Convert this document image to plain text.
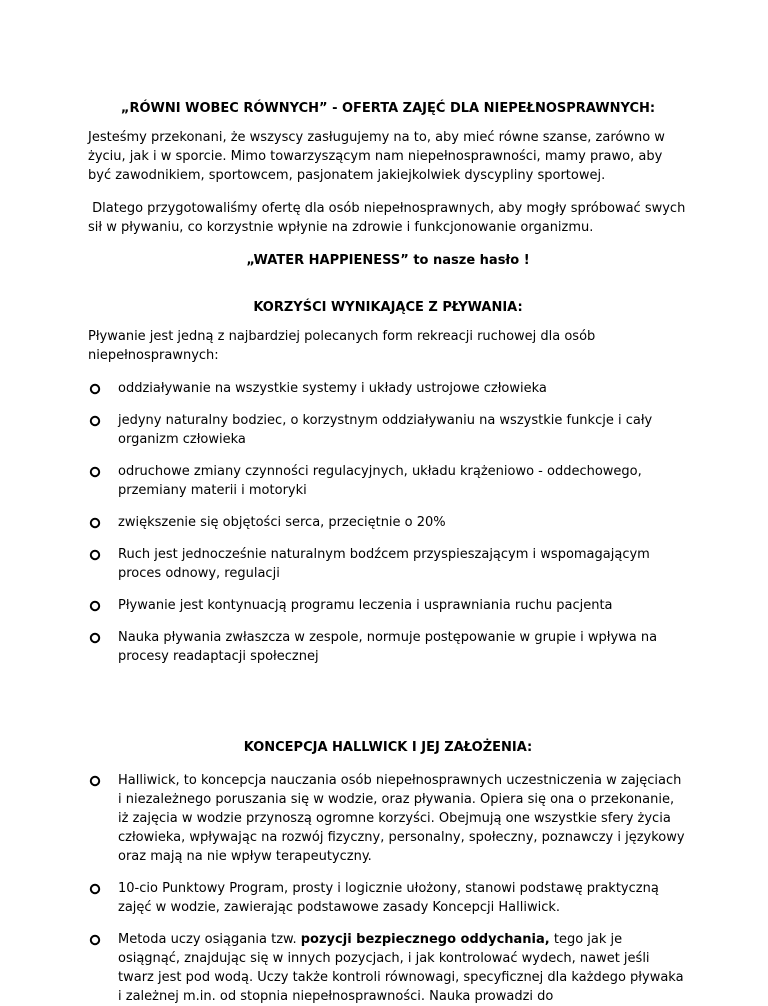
„RÓWNI WOBEC RÓWNYCH” - OFERTA ZAJĘĆ DLA NIEPEŁNOSPRAWNYCH:

Jesteśmy przekonani, że wszyscy zasługujemy na to, aby mieć równe szanse, zarówno w życiu, jak i w sporcie. Mimo towarzyszącym nam niepełnosprawności, mamy prawo, aby być zawodnikiem, sportowcem, pasjonatem jakiejkolwiek dyscypliny sportowej.

Dlatego przygotowaliśmy ofertę dla osób niepełnosprawnych, aby mogły spróbować swych sił w pływaniu, co korzystnie wpłynie na zdrowie i funkcjonowanie organizmu.

„WATER HAPPIENESS” to nasze hasło !

KORZYŚCI WYNIKAJĄCE Z PŁYWANIA:

Pływanie jest jedną z najbardziej polecanych form rekreacji ruchowej dla osób niepełnosprawnych:

oddziaływanie na wszystkie systemy i układy ustrojowe człowieka
jedyny naturalny bodziec, o korzystnym oddziaływaniu na wszystkie funkcje i cały organizm człowieka
odruchowe zmiany czynności regulacyjnych, układu krążeniowo - oddechowego, przemiany materii i motoryki
zwiększenie się objętości serca, przeciętnie o 20%
Ruch jest jednocześnie naturalnym bodźcem przyspieszającym i wspomagającym proces odnowy, regulacji
Pływanie jest kontynuacją programu leczenia i usprawniania ruchu pacjenta
Nauka pływania zwłaszcza w zespole, normuje postępowanie w grupie i wpływa na procesy readaptacji społecznej

KONCEPCJA HALLWICK I JEJ ZAŁOŻENIA:

Halliwick, to koncepcja nauczania osób niepełnosprawnych uczestniczenia w zajęciach i niezależnego poruszania się w wodzie, oraz pływania. Opiera się ona o przekonanie, iż zajęcia w wodzie przynoszą ogromne korzyści. Obejmują one wszystkie sfery życia człowieka, wpływając na rozwój fizyczny, personalny, społeczny, poznawczy i językowy oraz mają na nie wpływ terapeutyczny.
10-cio Punktowy Program, prosty i logicznie ułożony, stanowi podstawę praktyczną zajęć w wodzie, zawierając podstawowe zasady Koncepcji Halliwick.
Metoda uczy osiągania tzw. pozycji bezpiecznego oddychania, tego jak je osiągnąć, znajdując się w innych pozycjach, i jak kontrolować wydech, nawet jeśli twarz jest pod wodą. Uczy także kontroli równowagi, specyficznej dla każdego pływaka i zależnej m.in. od stopnia niepełnosprawności. Nauka prowadzi do
